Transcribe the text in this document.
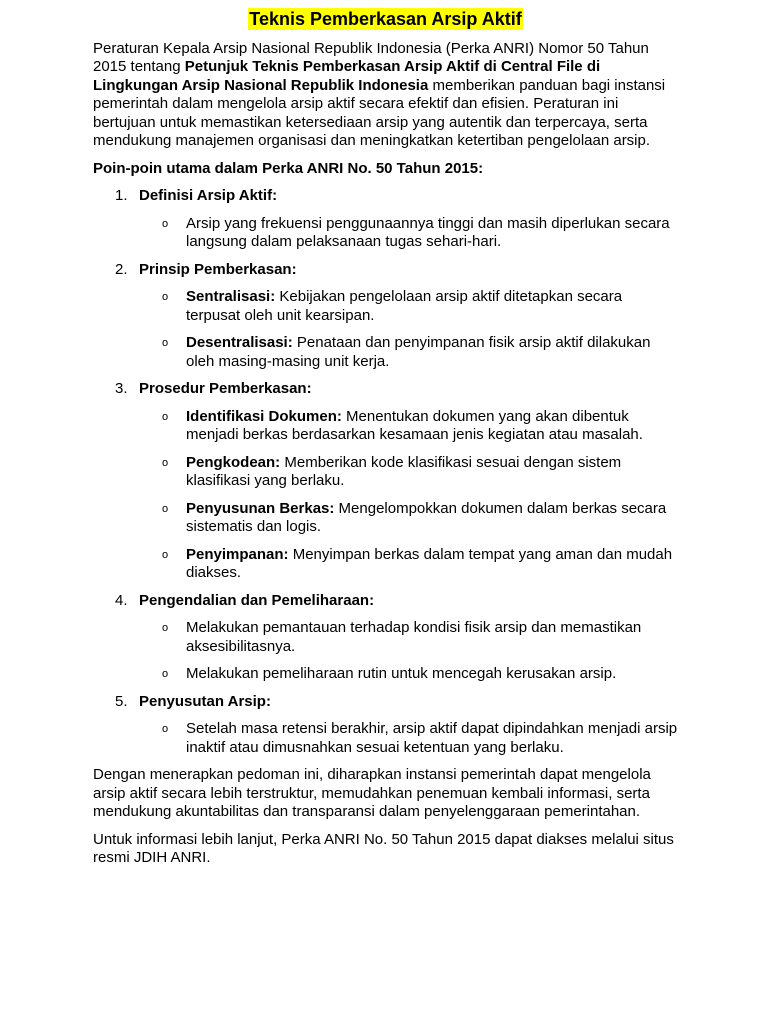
Teknis Pemberkasan Arsip Aktif

Peraturan Kepala Arsip Nasional Republik Indonesia (Perka ANRI) Nomor 50 Tahun 2015 tentang Petunjuk Teknis Pemberkasan Arsip Aktif di Central File di Lingkungan Arsip Nasional Republik Indonesia memberikan panduan bagi instansi pemerintah dalam mengelola arsip aktif secara efektif dan efisien. Peraturan ini bertujuan untuk memastikan ketersediaan arsip yang autentik dan terpercaya, serta mendukung manajemen organisasi dan meningkatkan ketertiban pengelolaan arsip.

Poin-poin utama dalam Perka ANRI No. 50 Tahun 2015:

1. Definisi Arsip Aktif:
o Arsip yang frekuensi penggunaannya tinggi dan masih diperlukan secara langsung dalam pelaksanaan tugas sehari-hari.
2. Prinsip Pemberkasan:
o Sentralisasi: Kebijakan pengelolaan arsip aktif ditetapkan secara terpusat oleh unit kearsipan.
o Desentralisasi: Penataan dan penyimpanan fisik arsip aktif dilakukan oleh masing-masing unit kerja.
3. Prosedur Pemberkasan:
o Identifikasi Dokumen: Menentukan dokumen yang akan dibentuk menjadi berkas berdasarkan kesamaan jenis kegiatan atau masalah.
o Pengkodean: Memberikan kode klasifikasi sesuai dengan sistem klasifikasi yang berlaku.
o Penyusunan Berkas: Mengelompokkan dokumen dalam berkas secara sistematis dan logis.
o Penyimpanan: Menyimpan berkas dalam tempat yang aman dan mudah diakses.
4. Pengendalian dan Pemeliharaan:
o Melakukan pemantauan terhadap kondisi fisik arsip dan memastikan aksesibilitasnya.
o Melakukan pemeliharaan rutin untuk mencegah kerusakan arsip.
5. Penyusutan Arsip:
o Setelah masa retensi berakhir, arsip aktif dapat dipindahkan menjadi arsip inaktif atau dimusnahkan sesuai ketentuan yang berlaku.

Dengan menerapkan pedoman ini, diharapkan instansi pemerintah dapat mengelola arsip aktif secara lebih terstruktur, memudahkan penemuan kembali informasi, serta mendukung akuntabilitas dan transparansi dalam penyelenggaraan pemerintahan.

Untuk informasi lebih lanjut, Perka ANRI No. 50 Tahun 2015 dapat diakses melalui situs resmi JDIH ANRI.
